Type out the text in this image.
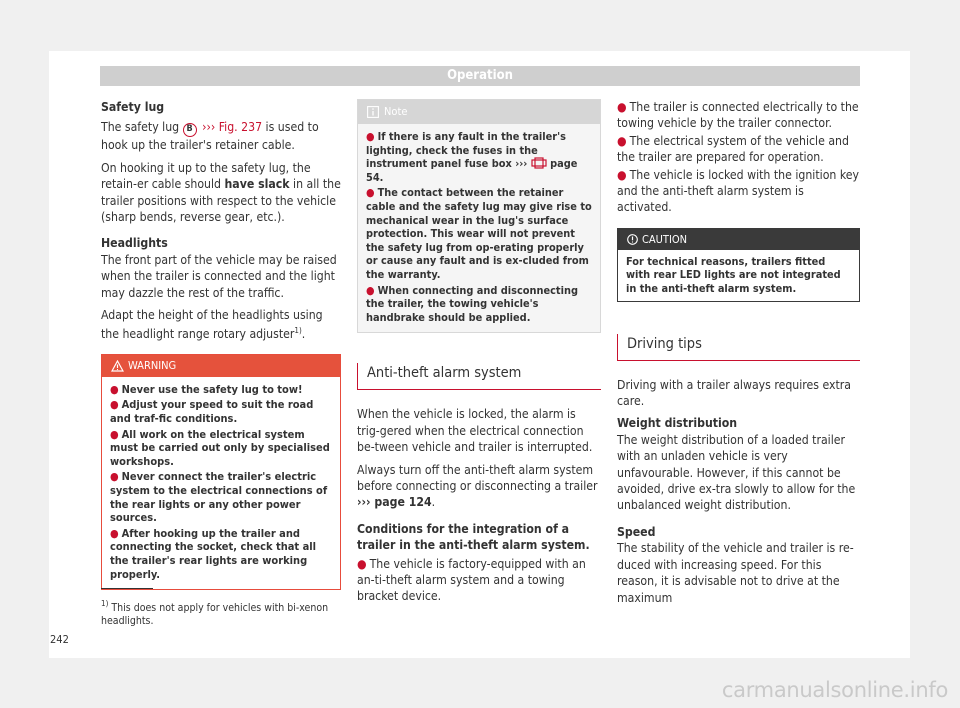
Operation

Safety lug

The safety lug B ››› Fig. 237 is used to hook up the trailer's retainer cable.

On hooking it up to the safety lug, the retain-er cable should have slack in all the trailer positions with respect to the vehicle (sharp bends, reverse gear, etc.).

Headlights

The front part of the vehicle may be raised when the trailer is connected and the light may dazzle the rest of the traffic.

Adapt the height of the headlights using the headlight range rotary adjuster$^{1)}$.

WARNING
● Never use the safety lug to tow!
● Adjust your speed to suit the road and traf-fic conditions.
● All work on the electrical system must be carried out only by specialised workshops.
● Never connect the trailer's electric system to the electrical connections of the rear lights or any other power sources.
● After hooking up the trailer and connecting the socket, check that all the trailer's rear lights are working properly.
$^{1)}$ This does not apply for vehicles with bi-xenon headlights.
Note
● If there is any fault in the trailer's lighting, check the fuses in the instrument panel fuse box ›››  page 54.
● The contact between the retainer cable and the safety lug may give rise to mechanical wear in the lug's surface protection. This wear will not prevent the safety lug from op-erating properly or cause any fault and is ex-cluded from the warranty.
● When connecting and disconnecting the trailer, the towing vehicle's handbrake should be applied.
Anti-theft alarm system

When the vehicle is locked, the alarm is trig-gered when the electrical connection be-tween vehicle and trailer is interrupted.

Always turn off the anti-theft alarm system before connecting or disconnecting a trailer ››› page 124.

Conditions for the integration of a trailer in the anti-theft alarm system.

● The vehicle is factory-equipped with an an-ti-theft alarm system and a towing bracket device.

● The trailer is connected electrically to the towing vehicle by the trailer connector.

● The electrical system of the vehicle and the trailer are prepared for operation.

● The vehicle is locked with the ignition key and the anti-theft alarm system is activated.

CAUTION
For technical reasons, trailers fitted with rear LED lights are not integrated in the anti-theft alarm system.
Driving tips

Driving with a trailer always requires extra care.

Weight distribution

The weight distribution of a loaded trailer with an unladen vehicle is very unfavourable. However, if this cannot be avoided, drive ex-tra slowly to allow for the unbalanced weight distribution.

Speed

The stability of the vehicle and trailer is re-duced with increasing speed. For this reason, it is advisable not to drive at the maximum

242
carmanualsonline.info
